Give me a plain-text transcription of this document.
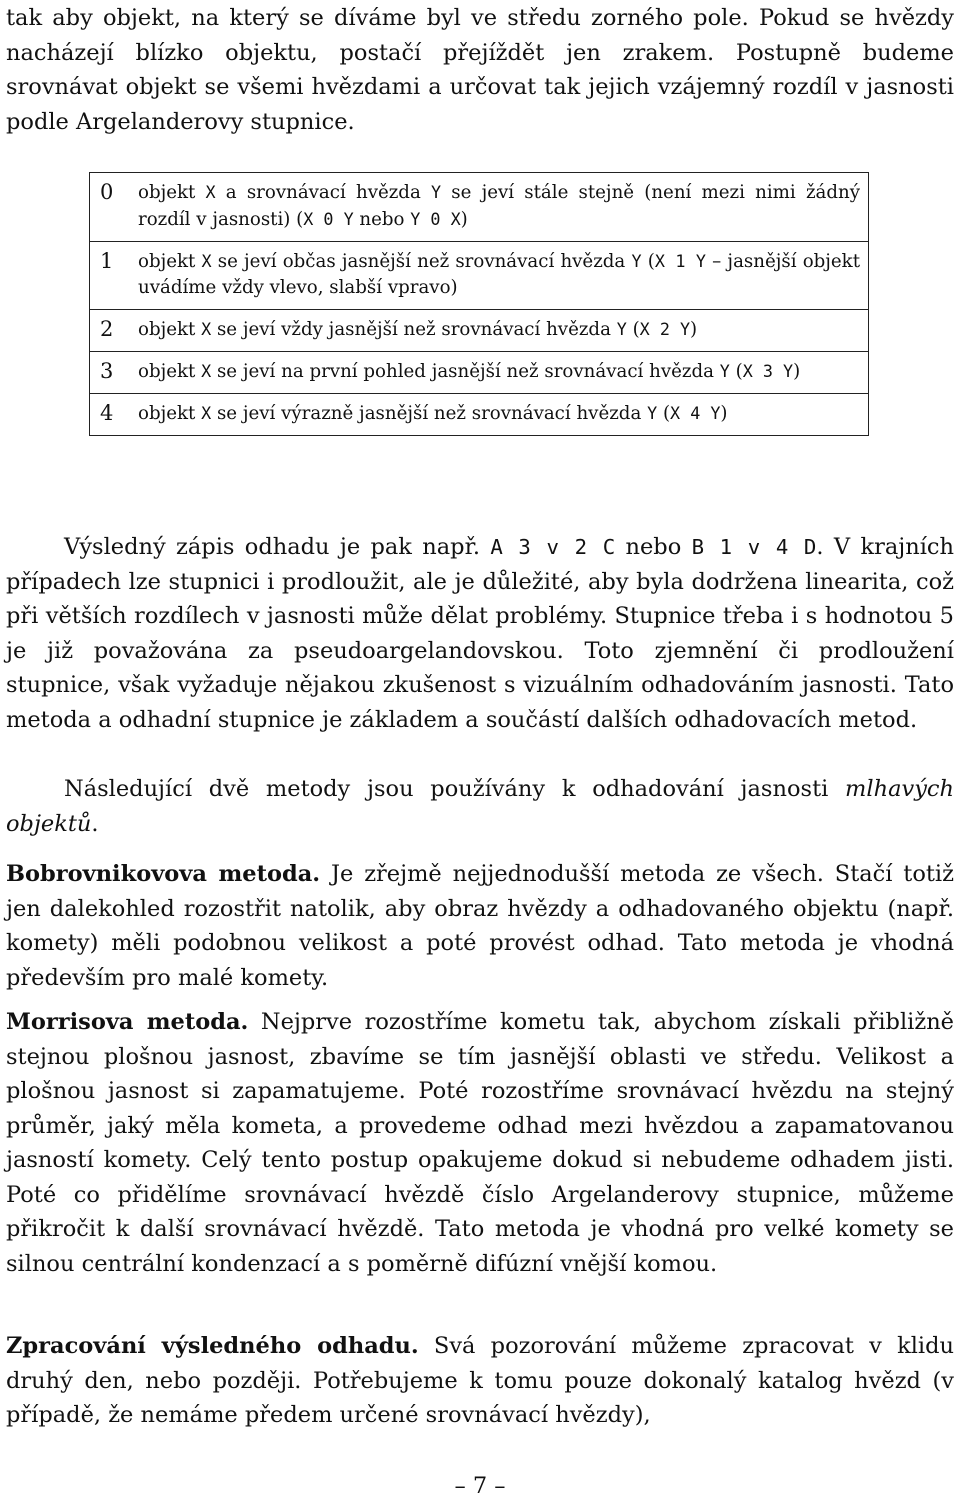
tak aby objekt, na který se díváme byl ve středu zorného pole. Pokud se hvězdy nacházejí blízko objektu, postačí přejíždět jen zrakem. Postupně budeme srovnávat objekt se všemi hvězdami a určovat tak jejich vzájemný rozdíl v jasnosti podle Argelanderovy stupnice.
0	objekt X a srovnávací hvězda Y se jeví stále stejně (není mezi nimi žádný rozdíl v jasnosti) (X 0 Y nebo Y 0 X)
1	objekt X se jeví občas jasnější než srovnávací hvězda Y (X 1 Y – jasnější objekt uvádíme vždy vlevo, slabší vpravo)
2	objekt X se jeví vždy jasnější než srovnávací hvězda Y (X 2 Y)
3	objekt X se jeví na první pohled jasnější než srovnávací hvězda Y (X 3 Y)
4	objekt X se jeví výrazně jasnější než srovnávací hvězda Y (X 4 Y)
Výsledný zápis odhadu je pak např. A 3 v 2 C nebo B 1 v 4 D. V krajních případech lze stupnici i prodloužit, ale je důležité, aby byla dodržena linearita, což při větších rozdílech v jasnosti může dělat problémy. Stupnice třeba i s hodnotou 5 je již považována za pseudoargelandovskou. Toto zjemnění či prodloužení stupnice, však vyžaduje nějakou zkušenost s vizuálním odhadováním jasnosti. Tato metoda a odhadní stupnice je základem a součástí dalších odhadovacích metod.
Následující dvě metody jsou používány k odhadování jasnosti mlhavých objektů.
Bobrovnikovova metoda. Je zřejmě nejjednodušší metoda ze všech. Stačí totiž jen dalekohled rozostřit natolik, aby obraz hvězdy a odhadovaného objektu (např. komety) měli podobnou velikost a poté provést odhad. Tato metoda je vhodná především pro malé komety.
Morrisova metoda. Nejprve rozostříme kometu tak, abychom získali přibližně stejnou plošnou jasnost, zbavíme se tím jasnější oblasti ve středu. Velikost a plošnou jasnost si zapamatujeme. Poté rozostříme srovnávací hvězdu na stejný průměr, jaký měla kometa, a provedeme odhad mezi hvězdou a zapamatovanou jasností komety. Celý tento postup opakujeme dokud si nebudeme odhadem jisti. Poté co přidělíme srovnávací hvězdě číslo Argelanderovy stupnice, můžeme přikročit k další srovnávací hvězdě. Tato metoda je vhodná pro velké komety se silnou centrální kondenzací a s poměrně difúzní vnější komou.
Zpracování výsledného odhadu. Svá pozorování můžeme zpracovat v klidu druhý den, nebo později. Potřebujeme k tomu pouze dokonalý katalog hvězd (v případě, že nemáme předem určené srovnávací hvězdy),
– 7 –
